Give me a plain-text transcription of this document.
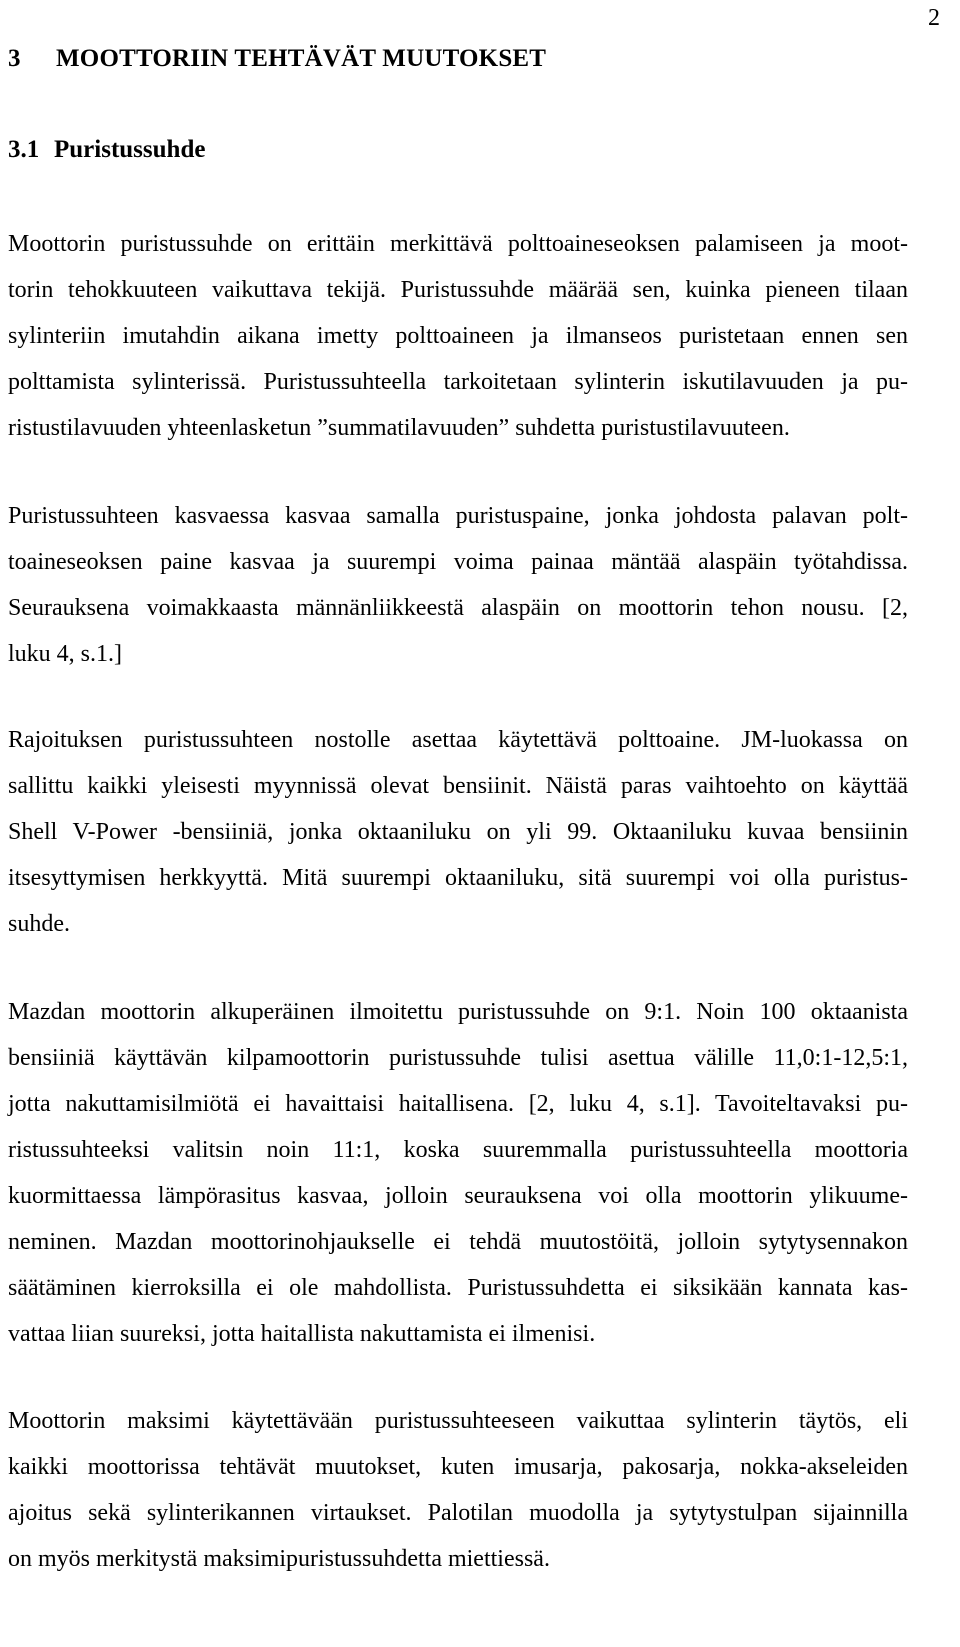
2
3 MOOTTORIIN TEHTÄVÄT MUUTOKSET
3.1 Puristussuhde
Moottorin puristussuhde on erittäin merkittävä polttoaineseoksen palamiseen ja moot-
torin tehokkuuteen vaikuttava tekijä. Puristussuhde määrää sen, kuinka pieneen tilaan
sylinteriin imutahdin aikana imetty polttoaineen ja ilmanseos puristetaan ennen sen
polttamista sylinterissä. Puristussuhteella tarkoitetaan sylinterin iskutilavuuden ja pu-
ristustilavuuden yhteenlasketun ”summatilavuuden” suhdetta puristustilavuuteen.
Puristussuhteen kasvaessa kasvaa samalla puristuspaine, jonka johdosta palavan polt-
toaineseoksen paine kasvaa ja suurempi voima painaa mäntää alaspäin työtahdissa.
Seurauksena voimakkaasta männänliikkeestä alaspäin on moottorin tehon nousu. [2,
luku 4, s.1.]
Rajoituksen puristussuhteen nostolle asettaa käytettävä polttoaine. JM-luokassa on
sallittu kaikki yleisesti myynnissä olevat bensiinit. Näistä paras vaihtoehto on käyttää
Shell V-Power -bensiiniä, jonka oktaaniluku on yli 99. Oktaaniluku kuvaa bensiinin
itsesyttymisen herkkyyttä. Mitä suurempi oktaaniluku, sitä suurempi voi olla puristus-
suhde.
Mazdan moottorin alkuperäinen ilmoitettu puristussuhde on 9:1. Noin 100 oktaanista
bensiiniä käyttävän kilpamoottorin puristussuhde tulisi asettua välille 11,0:1-12,5:1,
jotta nakuttamisilmiötä ei havaittaisi haitallisena. [2, luku 4, s.1]. Tavoiteltavaksi pu-
ristussuhteeksi valitsin noin 11:1, koska suuremmalla puristussuhteella moottoria
kuormittaessa lämpörasitus kasvaa, jolloin seurauksena voi olla moottorin ylikuume-
neminen. Mazdan moottorinohjaukselle ei tehdä muutostöitä, jolloin sytytysennakon
säätäminen kierroksilla ei ole mahdollista. Puristussuhdetta ei siksikään kannata kas-
vattaa liian suureksi, jotta haitallista nakuttamista ei ilmenisi.
Moottorin maksimi käytettävään puristussuhteeseen vaikuttaa sylinterin täytös, eli
kaikki moottorissa tehtävät muutokset, kuten imusarja, pakosarja, nokka-akseleiden
ajoitus sekä sylinterikannen virtaukset. Palotilan muodolla ja sytytystulpan sijainnilla
on myös merkitystä maksimipuristussuhdetta miettiessä.
